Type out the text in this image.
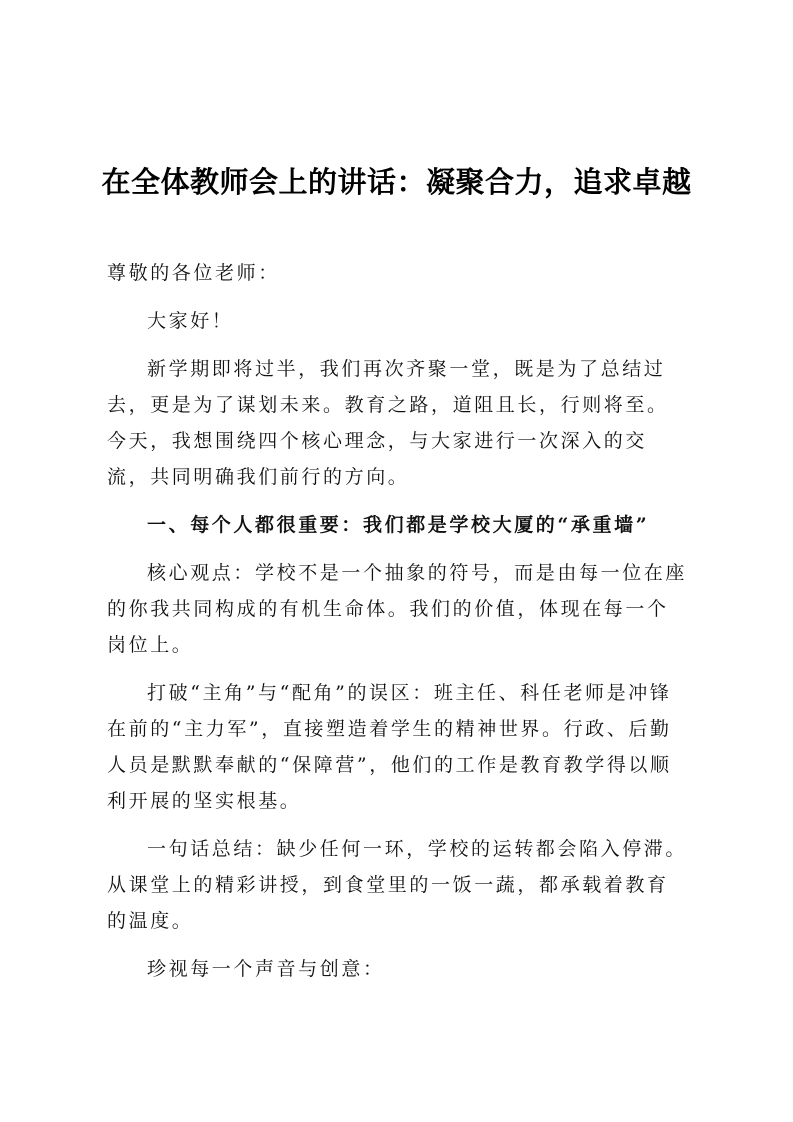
在全体教师会上的讲话：凝聚合力，追求卓越

尊敬的各位老师：

大家好！

新学期即将过半，我们再次齐聚一堂，既是为了总结过去，更是为了谋划未来。教育之路，道阻且长，行则将至。今天，我想围绕四个核心理念，与大家进行一次深入的交流，共同明确我们前行的方向。

一、每个人都很重要：我们都是学校大厦的“承重墙”

核心观点：学校不是一个抽象的符号，而是由每一位在座的你我共同构成的有机生命体。我们的价值，体现在每一个岗位上。

打破“主角”与“配角”的误区：班主任、科任老师是冲锋在前的“主力军”，直接塑造着学生的精神世界。行政、后勤人员是默默奉献的“保障营”，他们的工作是教育教学得以顺利开展的坚实根基。

一句话总结：缺少任何一环，学校的运转都会陷入停滞。从课堂上的精彩讲授，到食堂里的一饭一蔬，都承载着教育的温度。

珍视每一个声音与创意：
